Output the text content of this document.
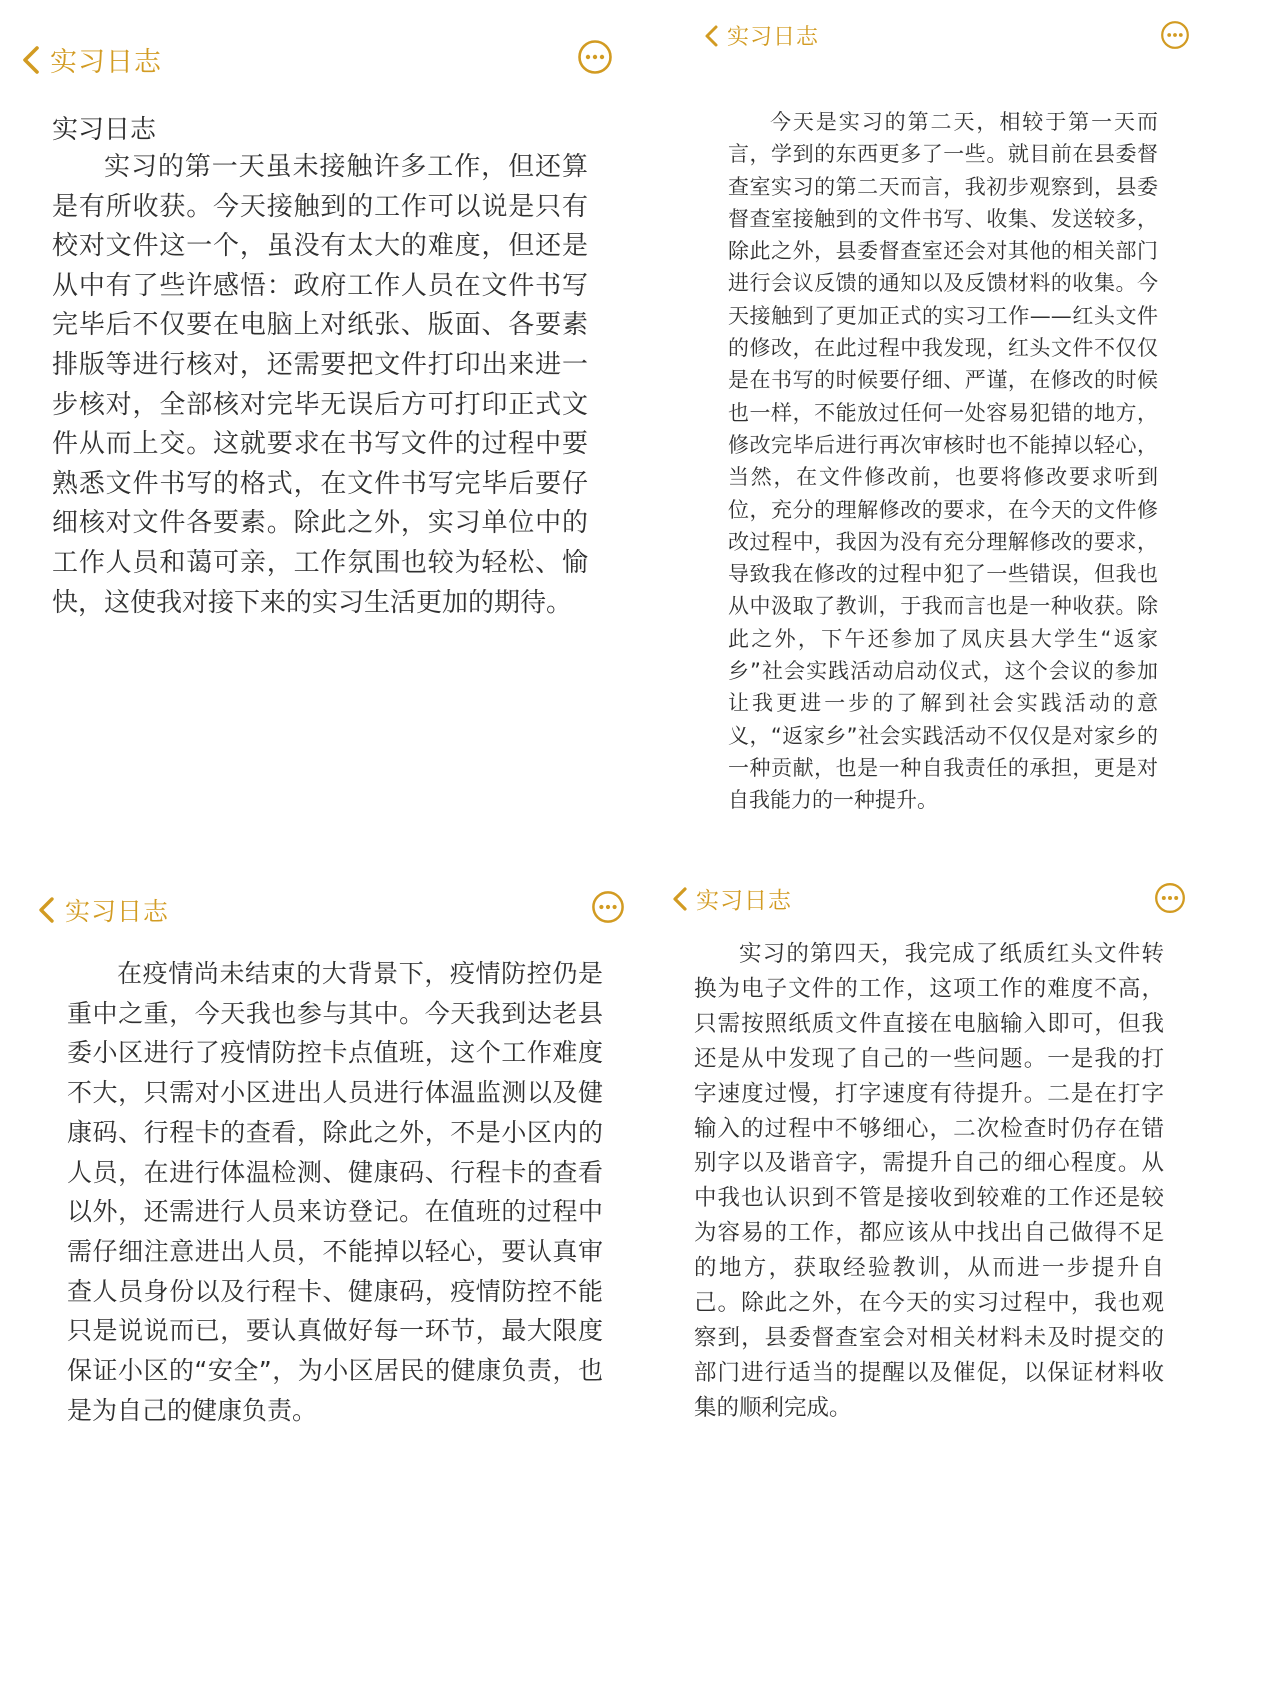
实习日志
实习日志

实习的第一天虽未接触许多工作，但还算是有所收获。今天接触到的工作可以说是只有校对文件这一个，虽没有太大的难度，但还是从中有了些许感悟：政府工作人员在文件书写完毕后不仅要在电脑上对纸张、版面、各要素排版等进行核对，还需要把文件打印出来进一步核对，全部核对完毕无误后方可打印正式文件从而上交。这就要求在书写文件的过程中要熟悉文件书写的格式，在文件书写完毕后要仔细核对文件各要素。除此之外，实习单位中的工作人员和蔼可亲，工作氛围也较为轻松、愉快，这使我对接下来的实习生活更加的期待。

实习日志

今天是实习的第二天，相较于第一天而言，学到的东西更多了一些。就目前在县委督查室实习的第二天而言，我初步观察到，县委督查室接触到的文件书写、收集、发送较多，除此之外，县委督查室还会对其他的相关部门进行会议反馈的通知以及反馈材料的收集。今天接触到了更加正式的实习工作——红头文件的修改，在此过程中我发现，红头文件不仅仅是在书写的时候要仔细、严谨，在修改的时候也一样，不能放过任何一处容易犯错的地方，修改完毕后进行再次审核时也不能掉以轻心，当然，在文件修改前，也要将修改要求听到位，充分的理解修改的要求，在今天的文件修改过程中，我因为没有充分理解修改的要求，导致我在修改的过程中犯了一些错误，但我也从中汲取了教训，于我而言也是一种收获。除此之外，下午还参加了凤庆县大学生“返家乡”社会实践活动启动仪式，这个会议的参加让我更进一步的了解到社会实践活动的意义，“返家乡”社会实践活动不仅仅是对家乡的一种贡献，也是一种自我责任的承担，更是对自我能力的一种提升。

实习日志

在疫情尚未结束的大背景下，疫情防控仍是重中之重，今天我也参与其中。今天我到达老县委小区进行了疫情防控卡点值班，这个工作难度不大，只需对小区进出人员进行体温监测以及健康码、行程卡的查看，除此之外，不是小区内的人员，在进行体温检测、健康码、行程卡的查看以外，还需进行人员来访登记。在值班的过程中需仔细注意进出人员，不能掉以轻心，要认真审查人员身份以及行程卡、健康码，疫情防控不能只是说说而已，要认真做好每一环节，最大限度保证小区的“安全”，为小区居民的健康负责，也是为自己的健康负责。

实习日志

实习的第四天，我完成了纸质红头文件转换为电子文件的工作，这项工作的难度不高，只需按照纸质文件直接在电脑输入即可，但我还是从中发现了自己的一些问题。一是我的打字速度过慢，打字速度有待提升。二是在打字输入的过程中不够细心，二次检查时仍存在错别字以及谐音字，需提升自己的细心程度。从中我也认识到不管是接收到较难的工作还是较为容易的工作，都应该从中找出自己做得不足的地方，获取经验教训，从而进一步提升自己。除此之外，在今天的实习过程中，我也观察到，县委督查室会对相关材料未及时提交的部门进行适当的提醒以及催促，以保证材料收集的顺利完成。
